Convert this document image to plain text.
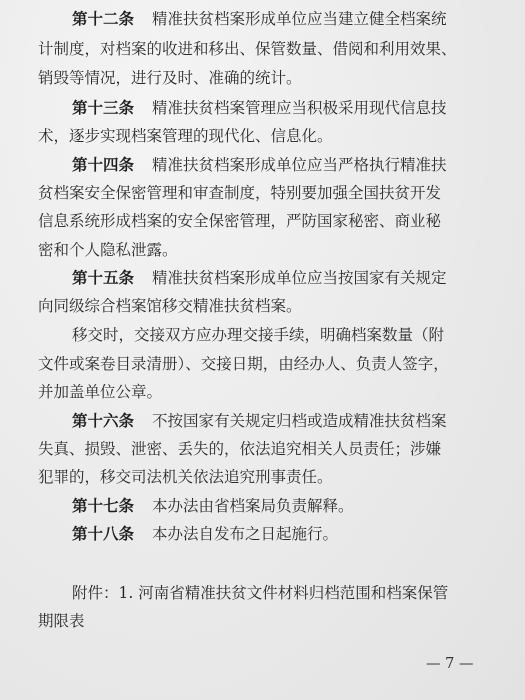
第十二条 精准扶贫档案形成单位应当建立健全档案统
计制度，对档案的收进和移出、保管数量、借阅和利用效果、
销毁等情况，进行及时、准确的统计。
第十三条 精准扶贫档案管理应当积极采用现代信息技
术，逐步实现档案管理的现代化、信息化。
第十四条 精准扶贫档案形成单位应当严格执行精准扶
贫档案安全保密管理和审查制度，特别要加强全国扶贫开发
信息系统形成档案的安全保密管理，严防国家秘密、商业秘
密和个人隐私泄露。
第十五条 精准扶贫档案形成单位应当按国家有关规定
向同级综合档案馆移交精准扶贫档案。
移交时，交接双方应办理交接手续，明确档案数量（附
文件或案卷目录清册）、交接日期，由经办人、负责人签字，
并加盖单位公章。
第十六条 不按国家有关规定归档或造成精准扶贫档案
失真、损毁、泄密、丢失的，依法追究相关人员责任；涉嫌
犯罪的，移交司法机关依法追究刑事责任。
第十七条 本办法由省档案局负责解释。
第十八条 本办法自发布之日起施行。
附件：1. 河南省精准扶贫文件材料归档范围和档案保管
期限表
— 7 —
